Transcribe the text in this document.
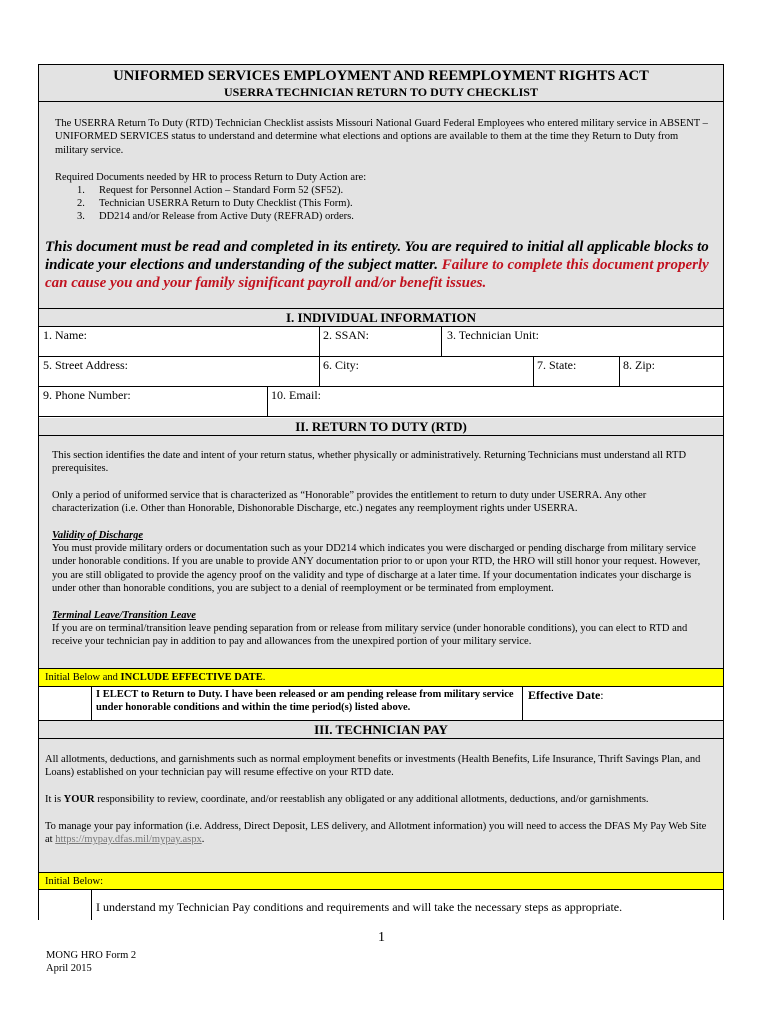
UNIFORMED SERVICES EMPLOYMENT AND REEMPLOYMENT RIGHTS ACT
USERRA TECHNICIAN RETURN TO DUTY CHECKLIST
The USERRA Return To Duty (RTD) Technician Checklist assists Missouri National Guard Federal Employees who entered military service in ABSENT – UNIFORMED SERVICES status to understand and determine what elections and options are available to them at the time they Return to Duty from military service.
Required Documents needed by HR to process Return to Duty Action are:
1. Request for Personnel Action – Standard Form 52 (SF52).
2. Technician USERRA Return to Duty Checklist (This Form).
3. DD214 and/or Release from Active Duty (REFRAD) orders.
This document must be read and completed in its entirety. You are required to initial all applicable blocks to indicate your elections and understanding of the subject matter. Failure to complete this document properly can cause you and your family significant payroll and/or benefit issues.
I. INDIVIDUAL INFORMATION
1. Name:	2. SSAN:	3. Technician Unit:
5. Street Address:	6. City:	7. State:	8. Zip:
9. Phone Number:	10. Email:
II. RETURN TO DUTY (RTD)
This section identifies the date and intent of your return status, whether physically or administratively. Returning Technicians must understand all RTD prerequisites.
Only a period of uniformed service that is characterized as “Honorable” provides the entitlement to return to duty under USERRA. Any other characterization (i.e. Other than Honorable, Dishonorable Discharge, etc.) negates any reemployment rights under USERRA.
Validity of Discharge
You must provide military orders or documentation such as your DD214 which indicates you were discharged or pending discharge from military service under honorable conditions. If you are unable to provide ANY documentation prior to or upon your RTD, the HRO will still honor your request. However, you are still obligated to provide the agency proof on the validity and type of discharge at a later time. If your documentation indicates your discharge is under other than honorable conditions, you are subject to a denial of reemployment or be terminated from employment.
Terminal Leave/Transition Leave
If you are on terminal/transition leave pending separation from or release from military service (under honorable conditions), you can elect to RTD and receive your technician pay in addition to pay and allowances from the unexpired portion of your military service.
Initial Below and INCLUDE EFFECTIVE DATE.
I ELECT to Return to Duty. I have been released or am pending release from military service under honorable conditions and within the time period(s) listed above.
Effective Date:
III. TECHNICIAN PAY
All allotments, deductions, and garnishments such as normal employment benefits or investments (Health Benefits, Life Insurance, Thrift Savings Plan, and Loans) established on your technician pay will resume effective on your RTD date.
It is YOUR responsibility to review, coordinate, and/or reestablish any obligated or any additional allotments, deductions, and/or garnishments.
To manage your pay information (i.e. Address, Direct Deposit, LES delivery, and Allotment information) you will need to access the DFAS My Pay Web Site at https://mypay.dfas.mil/mypay.aspx.
Initial Below:
I understand my Technician Pay conditions and requirements and will take the necessary steps as appropriate.
1
MONG HRO Form 2
April 2015
